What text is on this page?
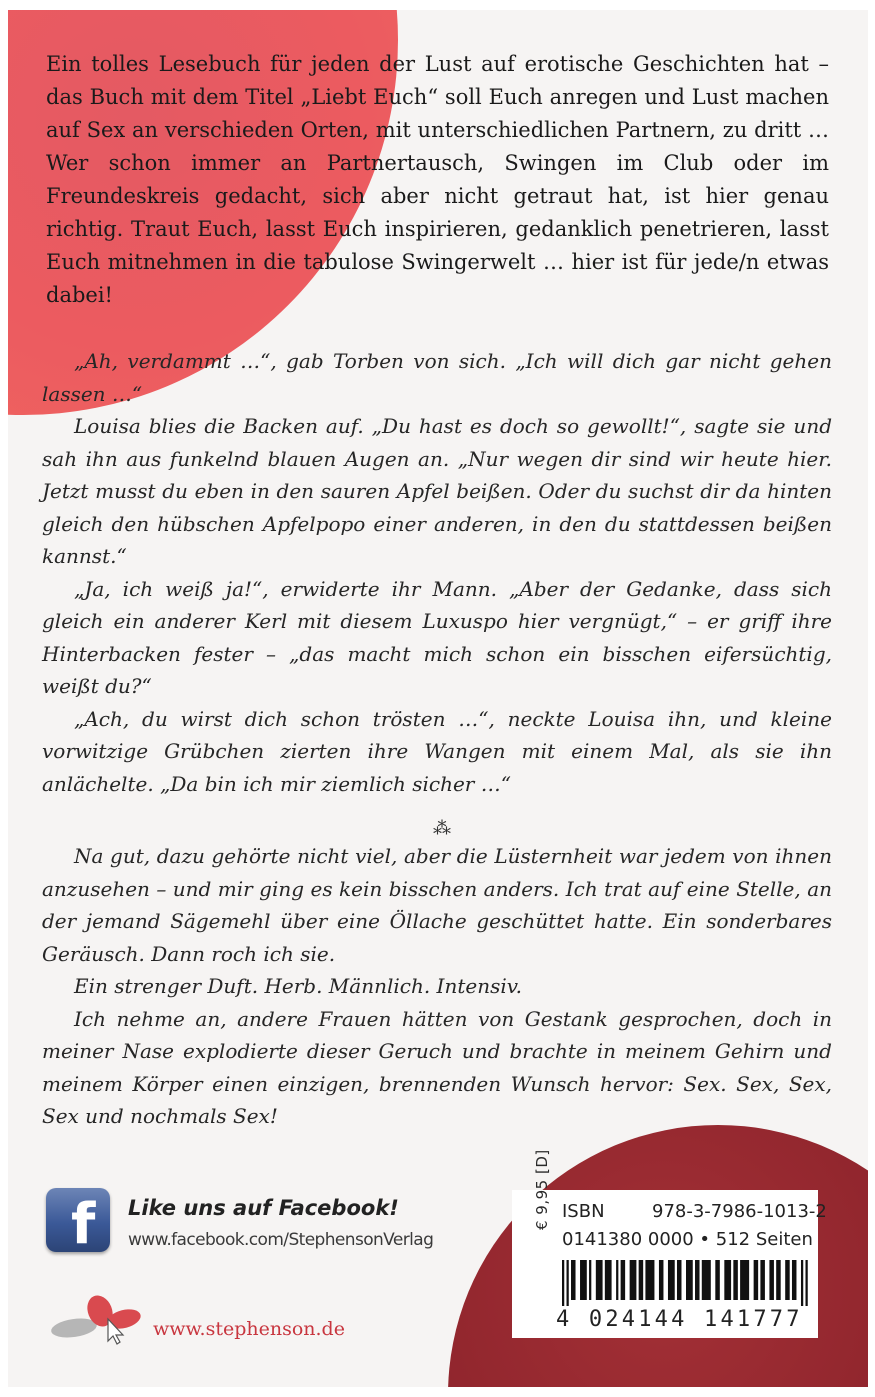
Ein tolles Lesebuch für jeden der Lust auf erotische Geschichten hat – das Buch mit dem Titel „Liebt Euch“ soll Euch anregen und Lust machen auf Sex an verschieden Orten, mit unterschiedlichen Partnern, zu dritt … Wer schon immer an Partnertausch, Swingen im Club oder im Freundeskreis gedacht, sich aber nicht getraut hat, ist hier genau richtig. Traut Euch, lasst Euch inspirieren, gedanklich penetrieren, lasst Euch mitnehmen in die tabulose Swingerwelt … hier ist für jede/n etwas dabei!

„Ah, verdammt …“, gab Torben von sich. „Ich will dich gar nicht gehen lassen …“

Louisa blies die Backen auf. „Du hast es doch so gewollt!“, sagte sie und sah ihn aus funkelnd blauen Augen an. „Nur wegen dir sind wir heute hier. Jetzt musst du eben in den sauren Apfel beißen. Oder du suchst dir da hinten gleich den hübschen Apfelpopo einer anderen, in den du stattdessen beißen kannst.“

„Ja, ich weiß ja!“, erwiderte ihr Mann. „Aber der Gedanke, dass sich gleich ein anderer Kerl mit diesem Luxuspo hier vergnügt,“ – er griff ihre Hinterbacken fester – „das macht mich schon ein bisschen eifersüchtig, weißt du?“

„Ach, du wirst dich schon trösten …“, neckte Louisa ihn, und kleine vorwitzige Grübchen zierten ihre Wangen mit einem Mal, als sie ihn anlächelte. „Da bin ich mir ziemlich sicher …“

⁂

Na gut, dazu gehörte nicht viel, aber die Lüsternheit war jedem von ihnen anzusehen – und mir ging es kein bisschen anders. Ich trat auf eine Stelle, an der jemand Sägemehl über eine Öllache geschüttet hatte. Ein sonderbares Geräusch. Dann roch ich sie.

Ein strenger Duft. Herb. Männlich. Intensiv.

Ich nehme an, andere Frauen hätten von Gestank gesprochen, doch in meiner Nase explodierte dieser Geruch und brachte in meinem Gehirn und meinem Körper einen einzigen, brennenden Wunsch hervor: Sex. Sex, Sex, Sex und nochmals Sex!

f Like uns auf Facebook!
www.facebook.com/StephensonVerlag
www.stephenson.de
€ 9,95 [D] ISBN	978-3-7986-1013-2
0141380 0000 • 512 Seiten
4 024144 141777
